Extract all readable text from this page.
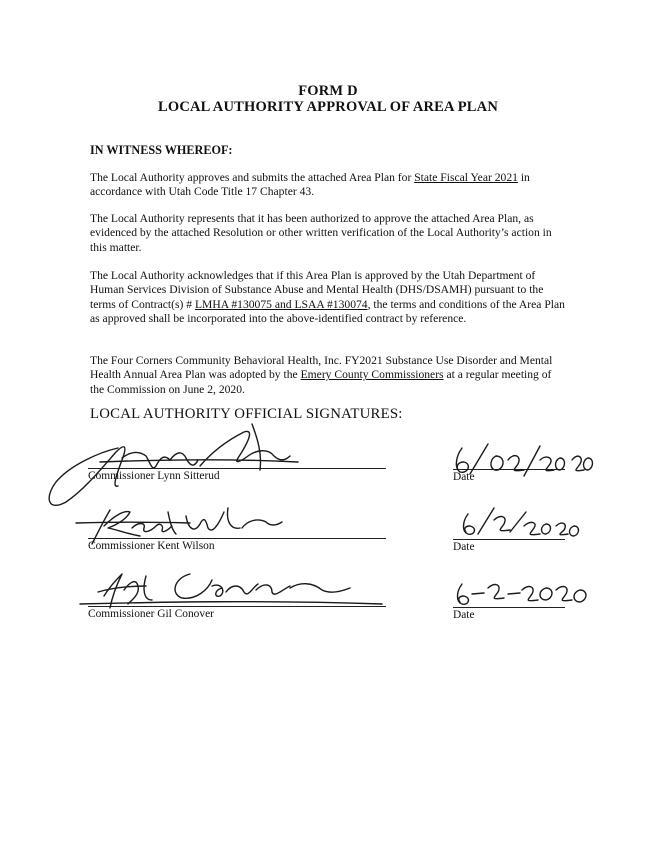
FORM D
LOCAL AUTHORITY APPROVAL OF AREA PLAN
IN WITNESS WHEREOF:
The Local Authority approves and submits the attached Area Plan for State Fiscal Year 2021 in accordance with Utah Code Title 17 Chapter 43.
The Local Authority represents that it has been authorized to approve the attached Area Plan, as evidenced by the attached Resolution or other written verification of the Local Authority’s action in this matter.
The Local Authority acknowledges that if this Area Plan is approved by the Utah Department of Human Services Division of Substance Abuse and Mental Health (DHS/DSAMH) pursuant to the terms of Contract(s) # LMHA #130075 and LSAA #130074, the terms and conditions of the Area Plan as approved shall be incorporated into the above-identified contract by reference.
The Four Corners Community Behavioral Health, Inc. FY2021 Substance Use Disorder and Mental Health Annual Area Plan was adopted by the Emery County Commissioners at a regular meeting of the Commission on June 2, 2020.
LOCAL AUTHORITY OFFICIAL SIGNATURES:
Commissioner Lynn Sitterud	Date
Commissioner Kent Wilson	Date
Commissioner Gil Conover	Date
